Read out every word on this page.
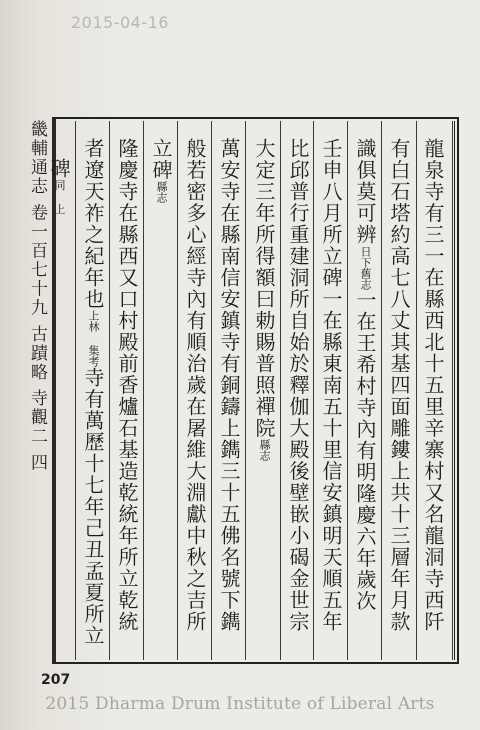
2015-04-16
畿輔通志 卷一百七十九 古蹟略 寺觀二 四	龍泉寺有三一在縣西北十五里辛寨村又名龍洞寺西阡
有白石塔約高七八丈其基四面雕鏤上共十三層年月款
識俱莫可辨日下舊志一在王希村寺內有明隆慶六年歲次
壬申八月所立碑一在縣東南五十里信安鎮明天順五年
比邱普行重建洞所自始於釋伽大殿後壁嵌小碣金世宗
大定三年所得額曰勅賜普照禪院縣志
萬安寺在縣南信安鎮寺有銅鑄上鐫三十五佛名號下鐫
般若密多心經寺內有順治歲在屠維大淵獻中秋之吉所
立碑縣志
隆慶寺在縣西又口村殿前香爐石基造乾統年所立乾統
者遼天祚之紀年也上林 集考寺有萬歷十七年己丑孟夏所立
碑同 上
207
2015 Dharma Drum Institute of Liberal Arts
